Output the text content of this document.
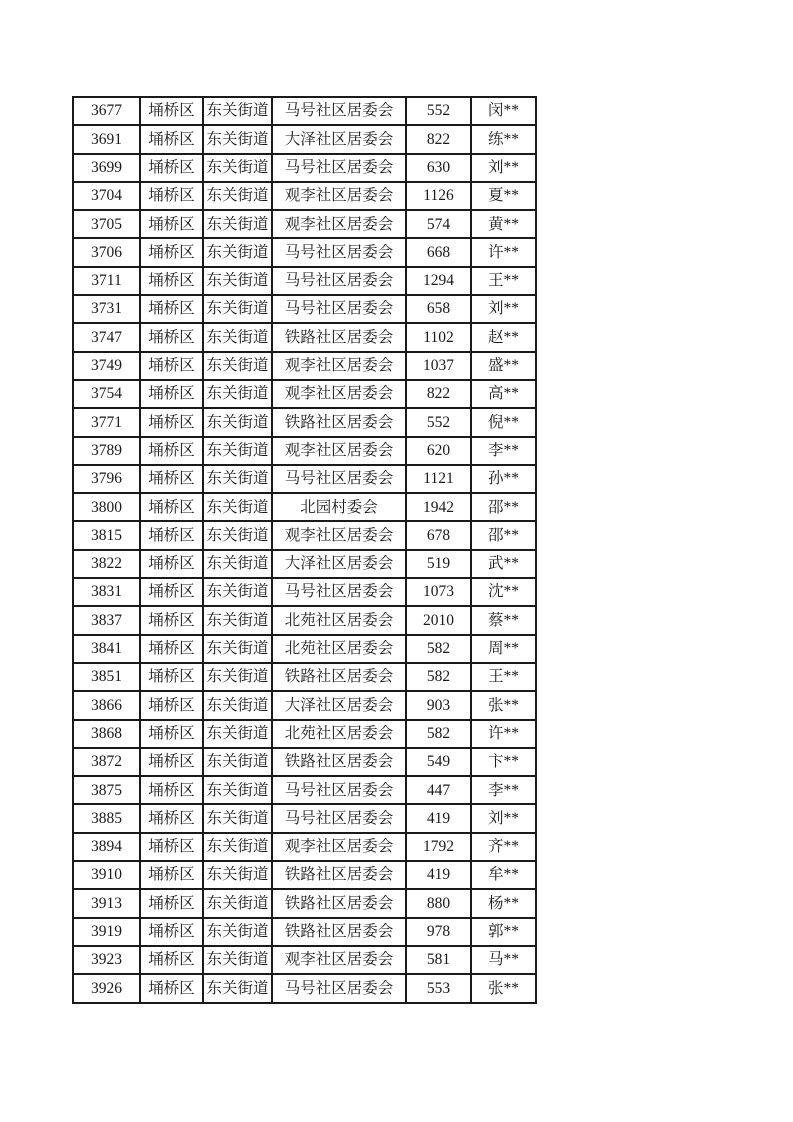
3677	埇桥区	东关街道	马号社区居委会	552	闵**
3691	埇桥区	东关街道	大泽社区居委会	822	练**
3699	埇桥区	东关街道	马号社区居委会	630	刘**
3704	埇桥区	东关街道	观李社区居委会	1126	夏**
3705	埇桥区	东关街道	观李社区居委会	574	黄**
3706	埇桥区	东关街道	马号社区居委会	668	许**
3711	埇桥区	东关街道	马号社区居委会	1294	王**
3731	埇桥区	东关街道	马号社区居委会	658	刘**
3747	埇桥区	东关街道	铁路社区居委会	1102	赵**
3749	埇桥区	东关街道	观李社区居委会	1037	盛**
3754	埇桥区	东关街道	观李社区居委会	822	高**
3771	埇桥区	东关街道	铁路社区居委会	552	倪**
3789	埇桥区	东关街道	观李社区居委会	620	李**
3796	埇桥区	东关街道	马号社区居委会	1121	孙**
3800	埇桥区	东关街道	北园村委会	1942	邵**
3815	埇桥区	东关街道	观李社区居委会	678	邵**
3822	埇桥区	东关街道	大泽社区居委会	519	武**
3831	埇桥区	东关街道	马号社区居委会	1073	沈**
3837	埇桥区	东关街道	北苑社区居委会	2010	蔡**
3841	埇桥区	东关街道	北苑社区居委会	582	周**
3851	埇桥区	东关街道	铁路社区居委会	582	王**
3866	埇桥区	东关街道	大泽社区居委会	903	张**
3868	埇桥区	东关街道	北苑社区居委会	582	许**
3872	埇桥区	东关街道	铁路社区居委会	549	卞**
3875	埇桥区	东关街道	马号社区居委会	447	李**
3885	埇桥区	东关街道	马号社区居委会	419	刘**
3894	埇桥区	东关街道	观李社区居委会	1792	齐**
3910	埇桥区	东关街道	铁路社区居委会	419	牟**
3913	埇桥区	东关街道	铁路社区居委会	880	杨**
3919	埇桥区	东关街道	铁路社区居委会	978	郭**
3923	埇桥区	东关街道	观李社区居委会	581	马**
3926	埇桥区	东关街道	马号社区居委会	553	张**
